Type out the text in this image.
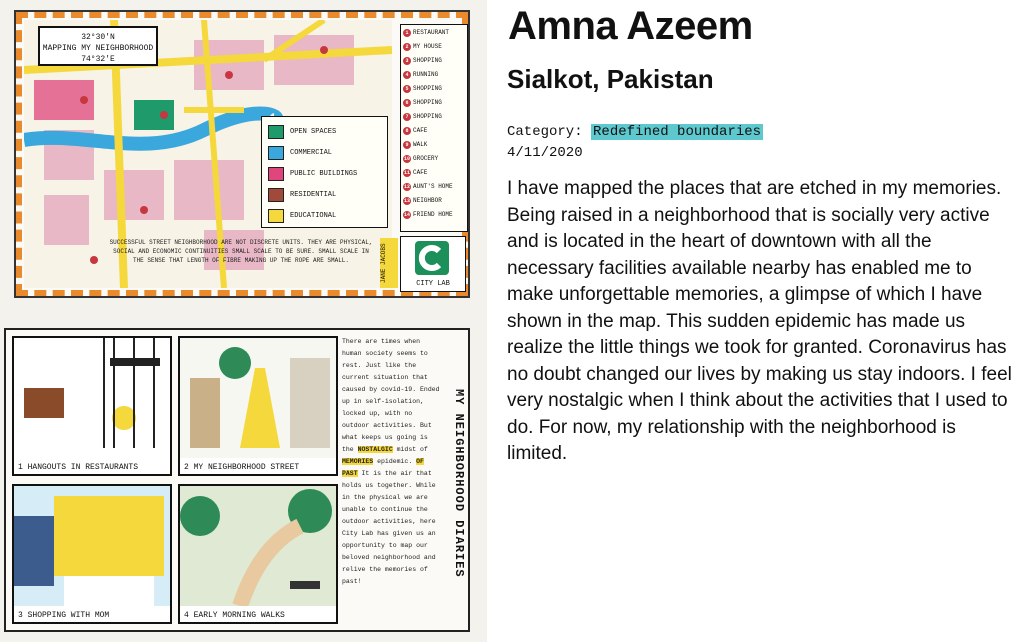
32°30'N
MAPPING MY NEIGHBORHOOD
74°32'E
OPEN SPACES
COMMERCIAL
PUBLIC BUILDINGS
RESIDENTIAL
EDUCATIONAL
1 RESTAURANT
2 MY HOUSE
3 SHOPPING
4 RUNNING
5 SHOPPING
6 SHOPPING
7 SHOPPING
8 CAFE
9 WALK
10 GROCERY
11 CAFE
12 AUNT'S HOME
13 NEIGHBOR
14 FRIEND HOME
SUCCESSFUL STREET NEIGHBORHOOD ARE NOT DISCRETE UNITS. THEY ARE PHYSICAL, SOCIAL AND ECONOMIC CONTINUITIES SMALL SCALE TO BE SURE. SMALL SCALE IN THE SENSE THAT LENGTH OF FIBRE MAKING UP THE ROPE ARE SMALL.	JANE JACOBS
CITY LAB
1 HANGOUTS IN RESTAURANTS	2 MY NEIGHBORHOOD STREET
3 SHOPPING WITH MOM	4 EARLY MORNING WALKS
There are times when human society seems to rest. Just like the current situation that caused by covid-19. Ended up in self-isolation, locked up, with no outdoor activities. But what keeps us going is the NOSTALGIC midst of MEMORIES epidemic. OF PAST It is the air that holds us together. While in the physical we are unable to continue the outdoor activities, here City Lab has given us an opportunity to map our beloved neighborhood and relive the memories of past!
MY NEIGHBORHOOD DIARIES
Amna Azeem
Sialkot, Pakistan
Category: Redefined boundaries
4/11/2020
I have mapped the places that are etched in my memories. Being raised in a neighborhood that is socially very active and is located in the heart of downtown with all the necessary facilities available nearby has enabled me to make unforgettable memories, a glimpse of which I have shown in the map. This sudden epidemic has made us realize the little things we took for granted. Coronavirus has no doubt changed our lives by making us stay indoors. I feel very nostalgic when I think about the activities that I used to do. For now, my relationship with the neighborhood is limited.
